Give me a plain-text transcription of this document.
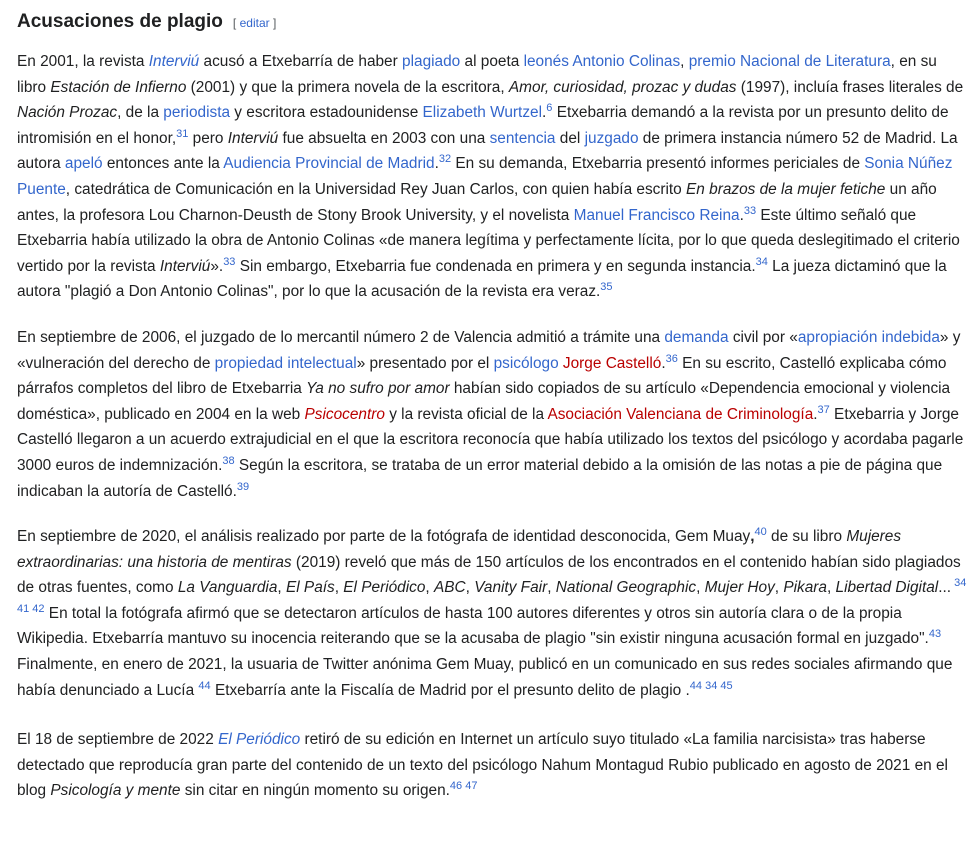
Acusaciones de plagio [ editar ]

En 2001, la revista Interviú acusó a Etxebarría de haber plagiado al poeta leonés Antonio Colinas, premio Nacional de Literatura, en su libro Estación de Infierno (2001) y que la primera novela de la escritora, Amor, curiosidad, prozac y dudas (1997), incluía frases literales de Nación Prozac, de la periodista y escritora estadounidense Elizabeth Wurtzel.$^6$ Etxebarria demandó a la revista por un presunto delito de intromisión en el honor,$^{31}$ pero Interviú fue absuelta en 2003 con una sentencia del juzgado de primera instancia número 52 de Madrid. La autora apeló entonces ante la Audiencia Provincial de Madrid.$^{32}$ En su demanda, Etxebarria presentó informes periciales de Sonia Núñez Puente, catedrática de Comunicación en la Universidad Rey Juan Carlos, con quien había escrito En brazos de la mujer fetiche un año antes, la profesora Lou Charnon-Deusth de Stony Brook University, y el novelista Manuel Francisco Reina.$^{33}$ Este último señaló que Etxebarria había utilizado la obra de Antonio Colinas «de manera legítima y perfectamente lícita, por lo que queda deslegitimado el criterio vertido por la revista Interviú».$^{33}$ Sin embargo, Etxebarria fue condenada en primera y en segunda instancia.$^{34}$ La jueza dictaminó que la autora "plagió a Don Antonio Colinas", por lo que la acusación de la revista era veraz.$^{35}$

En septiembre de 2006, el juzgado de lo mercantil número 2 de Valencia admitió a trámite una demanda civil por «apropiación indebida» y «vulneración del derecho de propiedad intelectual» presentado por el psicólogo Jorge Castelló.$^{36}$ En su escrito, Castelló explicaba cómo párrafos completos del libro de Etxebarria Ya no sufro por amor habían sido copiados de su artículo «Dependencia emocional y violencia doméstica», publicado en 2004 en la web Psicocentro y la revista oficial de la Asociación Valenciana de Criminología.$^{37}$ Etxebarria y Jorge Castelló llegaron a un acuerdo extrajudicial en el que la escritora reconocía que había utilizado los textos del psicólogo y acordaba pagarle 3000 euros de indemnización.$^{38}$ Según la escritora, se trataba de un error material debido a la omisión de las notas a pie de página que indicaban la autoría de Castelló.$^{39}$

En septiembre de 2020, el análisis realizado por parte de la fotógrafa de identidad desconocida, Gem Muay,$^{40}$ de su libro Mujeres extraordinarias: una historia de mentiras (2019) reveló que más de 150 artículos de los encontrados en el contenido habían sido plagiados de otras fuentes, como La Vanguardia, El País, El Periódico, ABC, Vanity Fair, National Geographic, Mujer Hoy, Pikara, Libertad Digital... $^{34 41 42}$ En total la fotógrafa afirmó que se detectaron artículos de hasta 100 autores diferentes y otros sin autoría clara o de la propia Wikipedia. Etxebarría mantuvo su inocencia reiterando que se la acusaba de plagio "sin existir ninguna acusación formal en juzgado".$^{43}$ Finalmente, en enero de 2021, la usuaria de Twitter anónima Gem Muay, publicó en un comunicado en sus redes sociales afirmando que había denunciado a Lucía $^{44}$ Etxebarría ante la Fiscalía de Madrid por el presunto delito de plagio .$^{44 34 45}$

El 18 de septiembre de 2022 El Periódico retiró de su edición en Internet un artículo suyo titulado «La familia narcisista» tras haberse detectado que reproducía gran parte del contenido de un texto del psicólogo Nahum Montagud Rubio publicado en agosto de 2021 en el blog Psicología y mente sin citar en ningún momento su origen.$^{46 47}$
